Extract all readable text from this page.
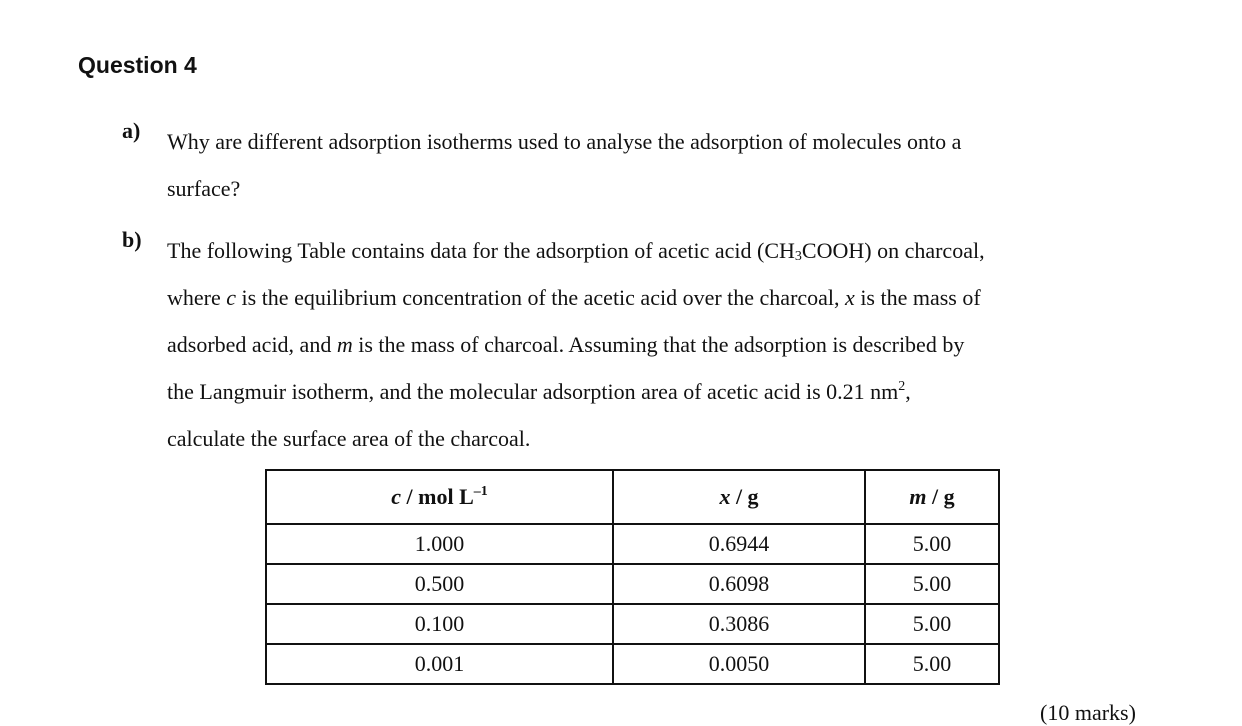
Question 4
a) Why are different adsorption isotherms used to analyse the adsorption of molecules onto a
surface?
b) The following Table contains data for the adsorption of acetic acid $(CH_3COOH)$ on charcoal,
where c is the equilibrium concentration of the acetic acid over the charcoal, x is the mass of
adsorbed acid, and m is the mass of charcoal. Assuming that the adsorption is described by
the Langmuir isotherm, and the molecular adsorption area of acetic acid is 0.21 $nm^2$,
calculate the surface area of the charcoal.
c / mol $L^{-1}$	x / g	m / g
1.000	0.6944	5.00
0.500	0.6098	5.00
0.100	0.3086	5.00
0.001	0.0050	5.00
(10 marks)
